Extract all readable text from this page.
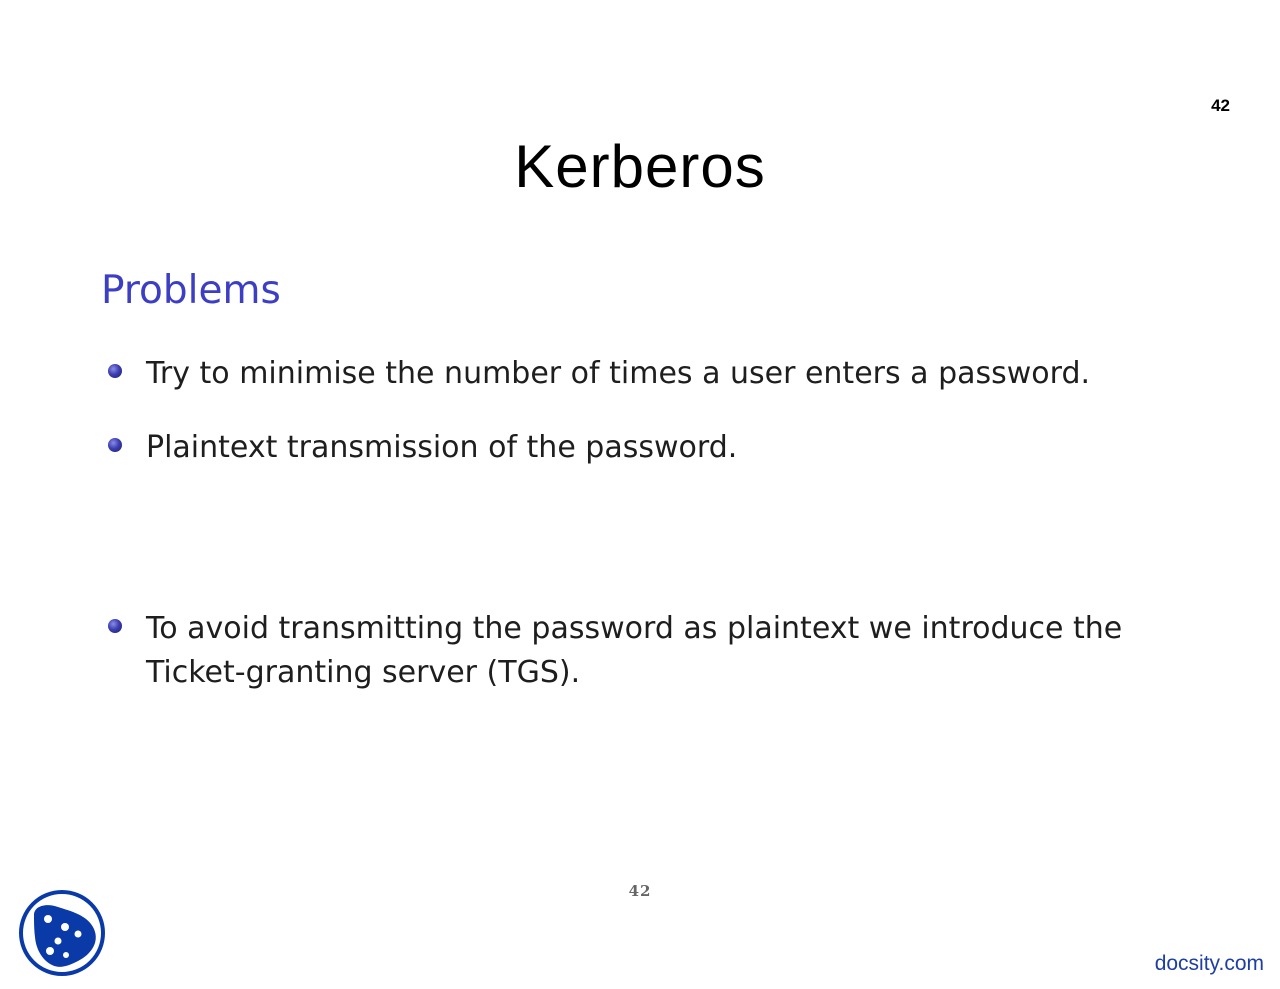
42
Kerberos
Problems
Try to minimise the number of times a user enters a password.
Plaintext transmission of the password.
To avoid transmitting the password as plaintext we introduce the
Ticket-granting server (TGS).
42
docsity.com
